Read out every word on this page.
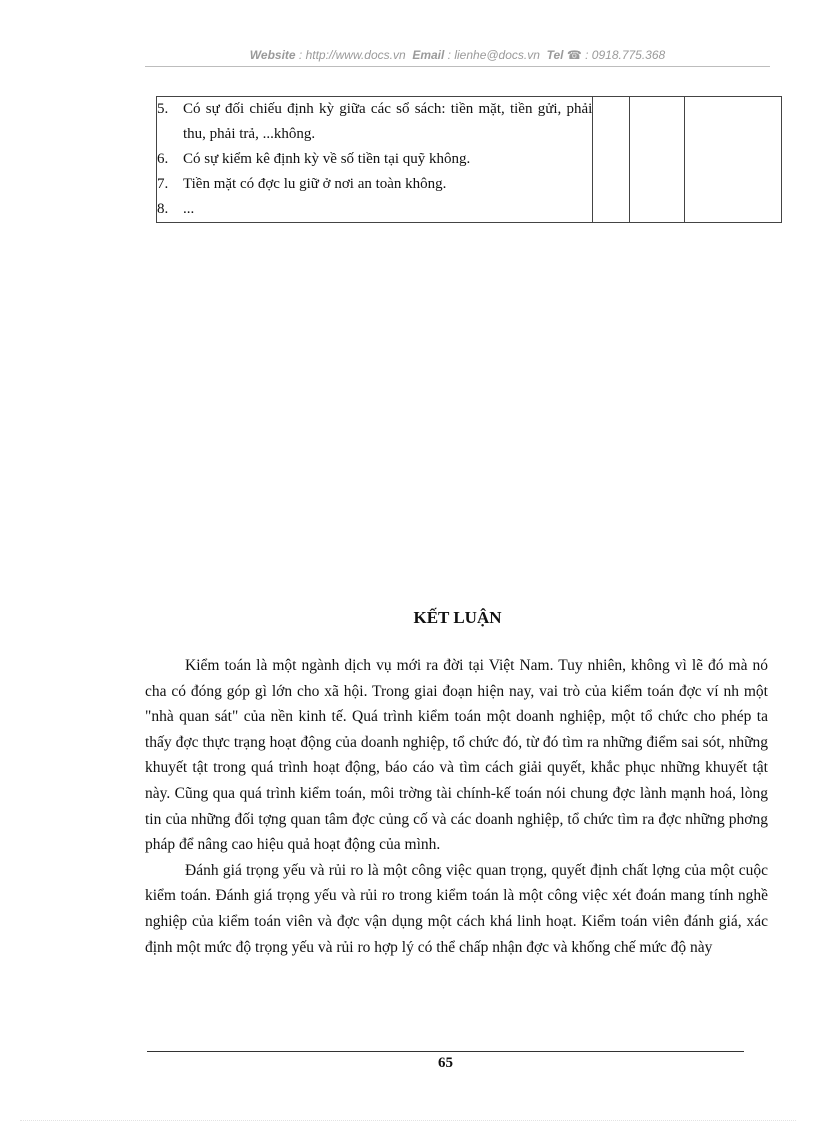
Website : http://www.docs.vn Email : lienhe@docs.vn Tel ☎ : 0918.775.368
5. Có sự đối chiếu định kỳ giữa các sổ sách: tiền mặt, tiền gửi, phải thu, phải trả, ...không.
6. Có sự kiểm kê định kỳ về số tiền tại quỹ không.
7. Tiền mặt có đợc lu giữ ở nơi an toàn không.
8. ...

KẾT LUẬN

Kiểm toán là một ngành dịch vụ mới ra đời tại Việt Nam. Tuy nhiên, không vì lẽ đó mà nó cha có đóng góp gì lớn cho xã hội. Trong giai đoạn hiện nay, vai trò của kiểm toán đợc ví nh một "nhà quan sát" của nền kinh tế. Quá trình kiểm toán một doanh nghiệp, một tổ chức cho phép ta thấy đợc thực trạng hoạt động của doanh nghiệp, tổ chức đó, từ đó tìm ra những điểm sai sót, những khuyết tật trong quá trình hoạt động, báo cáo và tìm cách giải quyết, khắc phục những khuyết tật này. Cũng qua quá trình kiểm toán, môi trờng tài chính-kế toán nói chung đợc lành mạnh hoá, lòng tin của những đối tợng quan tâm đợc củng cố và các doanh nghiệp, tổ chức tìm ra đợc những phơng pháp để nâng cao hiệu quả hoạt động của mình.

Đánh giá trọng yếu và rủi ro là một công việc quan trọng, quyết định chất lợng của một cuộc kiểm toán. Đánh giá trọng yếu và rủi ro trong kiểm toán là một công việc xét đoán mang tính nghề nghiệp của kiểm toán viên và đợc vận dụng một cách khá linh hoạt. Kiểm toán viên đánh giá, xác định một mức độ trọng yếu và rủi ro hợp lý có thể chấp nhận đợc và khống chế mức độ này

65
